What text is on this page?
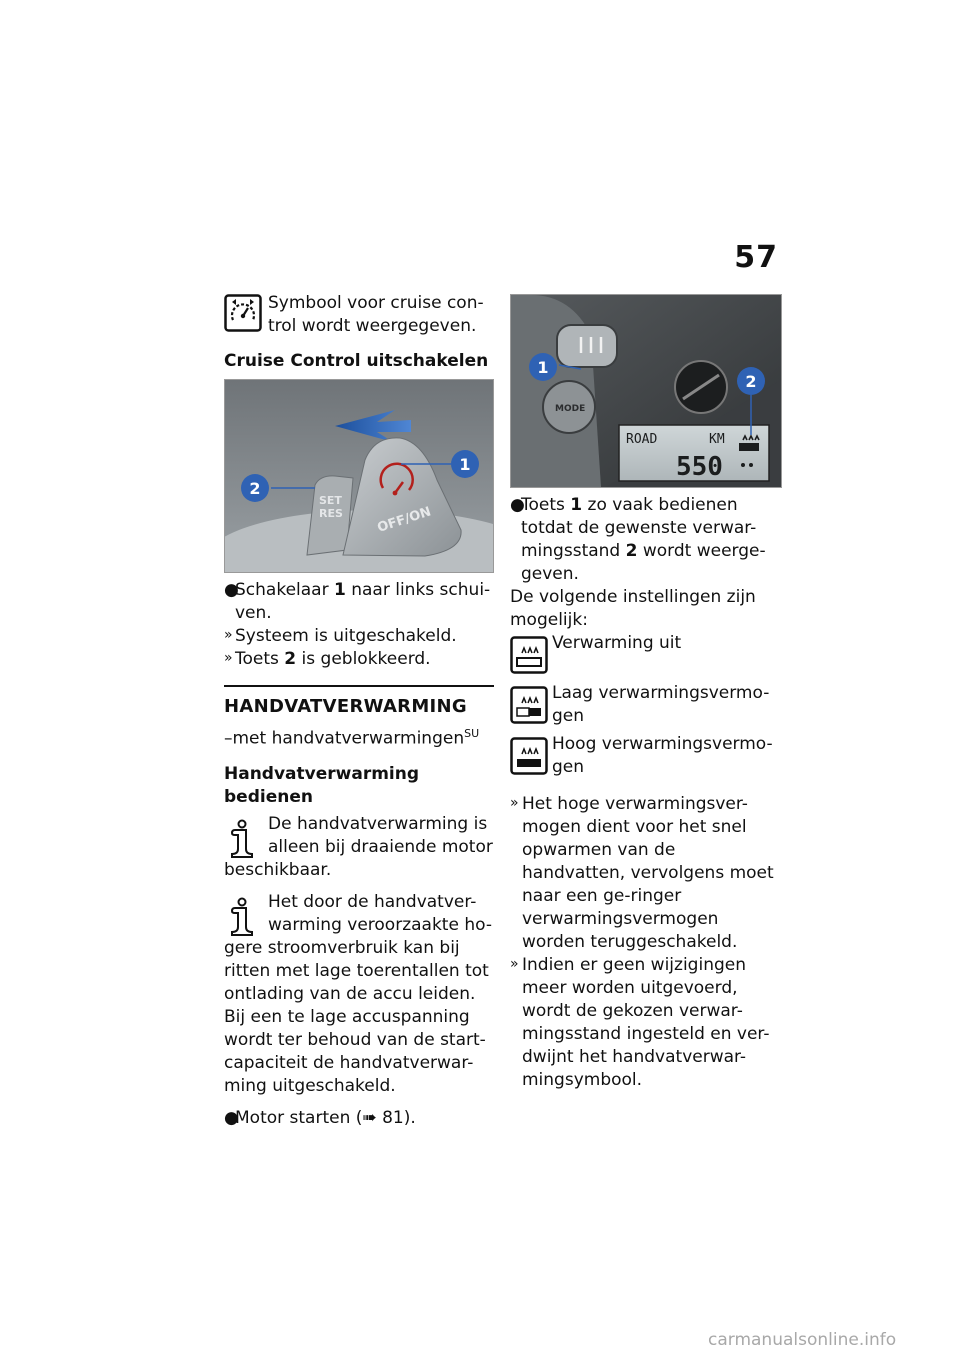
57

Symbool voor cruise con-trol wordt weergegeven.

Cruise Control uitschakelen

SET
RES	OFF/ON
2
1

●
Schakelaar 1 naar links schui-ven.

» Systeem is uitgeschakeld.

» Toets 2 is geblokkeerd.

HANDVATVERWARMING

–met handvatverwarmingen$^{SU}$

Handvatverwarming bedienen

De handvatverwarming is alleen bij draaiende motor

beschikbaar.

Het door de handvatver-warming veroorzaakte ho-

gere stroomverbruik kan bij ritten met lage toerentallen tot ontlading van de accu leiden. Bij een te lage accuspanning wordt ter behoud van de start-capaciteit de handvatverwar-ming uitgeschakeld.

●
Motor starten (➠ 81).

MODE
ROAD	KM
550
1
2

●
Toets 1 zo vaak bedienen totdat de gewenste verwar-mingsstand 2 wordt weerge-geven.

De volgende instellingen zijn mogelijk:

Verwarming uit

Laag verwarmingsvermo-gen

Hoog verwarmingsvermo-gen

» Het hoge verwarmingsver-mogen dient voor het snel opwarmen van de handvatten, vervolgens moet naar een ge-ringer verwarmingsvermogen worden teruggeschakeld.

» Indien er geen wijzigingen meer worden uitgevoerd, wordt de gekozen verwar-mingsstand ingesteld en ver-dwijnt het handvatverwar-mingsymbool.

carmanualsonline.info
